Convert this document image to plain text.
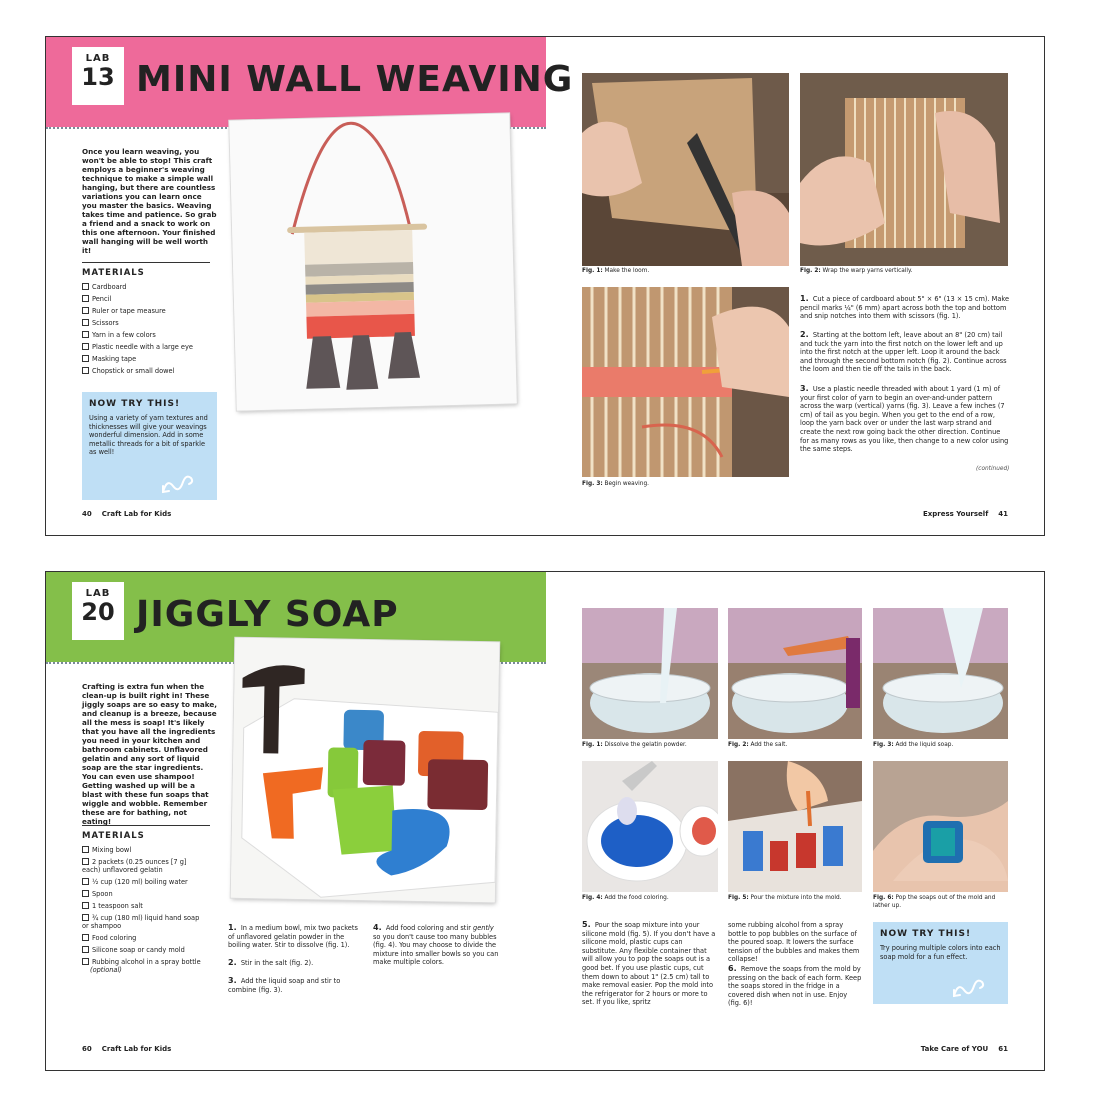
LAB
13 MINI WALL WEAVING

Once you learn weaving, you won't be able to stop! This craft employs a beginner's weaving technique to make a simple wall hanging, but there are countless variations you can learn once you master the basics. Weaving takes time and patience. So grab a friend and a snack to work on this one afternoon. Your finished wall hanging will be well worth it!

MATERIALS
Cardboard
Pencil
Ruler or tape measure
Scissors
Yarn in a few colors
Plastic needle with a large eye
Masking tape
Chopstick or small dowel
NOW TRY THIS!
Using a variety of yarn textures and thicknesses will give your weavings wonderful dimension. Add in some metallic threads for a bit of sparkle as well!
Fig. 1: Make the loom.	Fig. 2: Wrap the warp yarns vertically.
Fig. 3: Begin weaving.

1. Cut a piece of cardboard about 5" × 6" (13 × 15 cm). Make pencil marks ¼" (6 mm) apart across both the top and bottom and snip notches into them with scissors (fig. 1).

2. Starting at the bottom left, leave about an 8" (20 cm) tail and tuck the yarn into the first notch on the lower left and up into the first notch at the upper left. Loop it around the back and through the second bottom notch (fig. 2). Continue across the loom and then tie off the tails in the back.

3. Use a plastic needle threaded with about 1 yard (1 m) of your first color of yarn to begin an over-and-under pattern across the warp (vertical) yarns (fig. 3). Leave a few inches (7 cm) of tail as you begin. When you get to the end of a row, loop the yarn back over or under the last warp strand and create the next row going back the other direction. Continue for as many rows as you like, then change to a new color using the same steps.

(continued)
40 Craft Lab for Kids	Express Yourself 41
LAB
20 JIGGLY SOAP

Crafting is extra fun when the clean-up is built right in! These jiggly soaps are so easy to make, and cleanup is a breeze, because all the mess is soap! It's likely that you have all the ingredients you need in your kitchen and bathroom cabinets. Unflavored gelatin and any sort of liquid soap are the star ingredients. You can even use shampoo! Getting washed up will be a blast with these fun soaps that wiggle and wobble. Remember these are for bathing, not eating!

MATERIALS
Mixing bowl
2 packets (0.25 ounces [7 g] each) unflavored gelatin
½ cup (120 ml) boiling water
Spoon
1 teaspoon salt
¾ cup (180 ml) liquid hand soap or shampoo
Food coloring
Silicone soap or candy mold
Rubbing alcohol in a spray bottle
(optional)
Fig. 1: Dissolve the gelatin powder.	Fig. 2: Add the salt.	Fig. 3: Add the liquid soap.
Fig. 4: Add the food coloring.	Fig. 5: Pour the mixture into the mold.	Fig. 6: Pop the soaps out of the mold and lather up.

1. In a medium bowl, mix two packets of unflavored gelatin powder in the boiling water. Stir to dissolve (fig. 1).

2. Stir in the salt (fig. 2).

3. Add the liquid soap and stir to combine (fig. 3).

4. Add food coloring and stir gently so you don't cause too many bubbles (fig. 4). You may choose to divide the mixture into smaller bowls so you can make multiple colors.

5. Pour the soap mixture into your silicone mold (fig. 5). If you don't have a silicone mold, plastic cups can substitute. Any flexible container that will allow you to pop the soaps out is a good bet. If you use plastic cups, cut them down to about 1" (2.5 cm) tall to make removal easier. Pop the mold into the refrigerator for 2 hours or more to set. If you like, spritz

some rubbing alcohol from a spray bottle to pop bubbles on the surface of the poured soap. It lowers the surface tension of the bubbles and makes them collapse!

6. Remove the soaps from the mold by pressing on the back of each form. Keep the soaps stored in the fridge in a covered dish when not in use. Enjoy (fig. 6)!

NOW TRY THIS!
Try pouring multiple colors into each soap mold for a fun effect.
60 Craft Lab for Kids	Take Care of YOU 61
